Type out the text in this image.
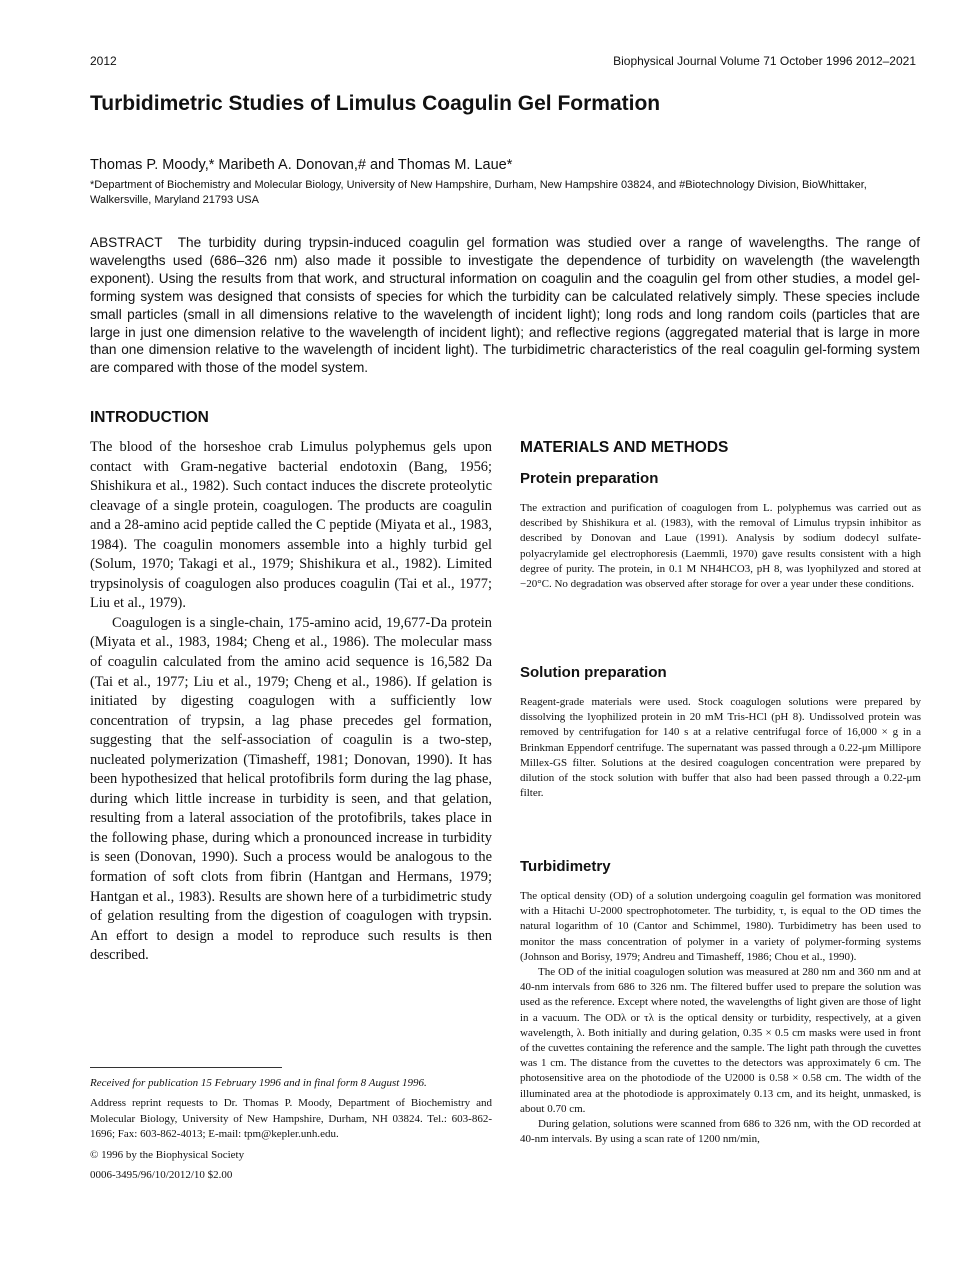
2012	Biophysical Journal Volume 71 October 1996 2012–2021
Turbidimetric Studies of Limulus Coagulin Gel Formation
Thomas P. Moody,* Maribeth A. Donovan,# and Thomas M. Laue*
*Department of Biochemistry and Molecular Biology, University of New Hampshire, Durham, New Hampshire 03824, and #Biotechnology Division, BioWhittaker, Walkersville, Maryland 21793 USA
ABSTRACT The turbidity during trypsin-induced coagulin gel formation was studied over a range of wavelengths. The range of wavelengths used (686–326 nm) also made it possible to investigate the dependence of turbidity on wavelength (the wavelength exponent). Using the results from that work, and structural information on coagulin and the coagulin gel from other studies, a model gel-forming system was designed that consists of species for which the turbidity can be calculated relatively simply. These species include small particles (small in all dimensions relative to the wavelength of incident light); long rods and long random coils (particles that are large in just one dimension relative to the wavelength of incident light); and reflective regions (aggregated material that is large in more than one dimension relative to the wavelength of incident light). The turbidimetric characteristics of the real coagulin gel-forming system are compared with those of the model system.
INTRODUCTION

The blood of the horseshoe crab Limulus polyphemus gels upon contact with Gram-negative bacterial endotoxin (Bang, 1956; Shishikura et al., 1982). Such contact induces the discrete proteolytic cleavage of a single protein, coagulogen. The products are coagulin and a 28-amino acid peptide called the C peptide (Miyata et al., 1983, 1984). The coagulin monomers assemble into a highly turbid gel (Solum, 1970; Takagi et al., 1979; Shishikura et al., 1982). Limited trypsinolysis of coagulogen also produces coagulin (Tai et al., 1977; Liu et al., 1979).

Coagulogen is a single-chain, 175-amino acid, 19,677-Da protein (Miyata et al., 1983, 1984; Cheng et al., 1986). The molecular mass of coagulin calculated from the amino acid sequence is 16,582 Da (Tai et al., 1977; Liu et al., 1979; Cheng et al., 1986). If gelation is initiated by digesting coagulogen with a sufficiently low concentration of trypsin, a lag phase precedes gel formation, suggesting that the self-association of coagulin is a two-step, nucleated polymerization (Timasheff, 1981; Donovan, 1990). It has been hypothesized that helical protofibrils form during the lag phase, during which little increase in turbidity is seen, and that gelation, resulting from a lateral association of the protofibrils, takes place in the following phase, during which a pronounced increase in turbidity is seen (Donovan, 1990). Such a process would be analogous to the formation of soft clots from fibrin (Hantgan and Hermans, 1979; Hantgan et al., 1983). Results are shown here of a turbidimetric study of gelation resulting from the digestion of coagulogen with trypsin. An effort to design a model to reproduce such results is then described.

Received for publication 15 February 1996 and in final form 8 August 1996.

Address reprint requests to Dr. Thomas P. Moody, Department of Biochemistry and Molecular Biology, University of New Hampshire, Durham, NH 03824. Tel.: 603-862-1696; Fax: 603-862-4013; E-mail: tpm@kepler.unh.edu.

© 1996 by the Biophysical Society

0006-3495/96/10/2012/10 $2.00

MATERIALS AND METHODS
Protein preparation

The extraction and purification of coagulogen from L. polyphemus was carried out as described by Shishikura et al. (1983), with the removal of Limulus trypsin inhibitor as described by Donovan and Laue (1991). Analysis by sodium dodecyl sulfate-polyacrylamide gel electrophoresis (Laemmli, 1970) gave results consistent with a high degree of purity. The protein, in 0.1 M NH4HCO3, pH 8, was lyophilyzed and stored at −20°C. No degradation was observed after storage for over a year under these conditions.

Solution preparation

Reagent-grade materials were used. Stock coagulogen solutions were prepared by dissolving the lyophilized protein in 20 mM Tris-HCl (pH 8). Undissolved protein was removed by centrifugation for 140 s at a relative centrifugal force of 16,000 × g in a Brinkman Eppendorf centrifuge. The supernatant was passed through a 0.22-μm Millipore Millex-GS filter. Solutions at the desired coagulogen concentration were prepared by dilution of the stock solution with buffer that also had been passed through a 0.22-μm filter.

Turbidimetry

The optical density (OD) of a solution undergoing coagulin gel formation was monitored with a Hitachi U-2000 spectrophotometer. The turbidity, τ, is equal to the OD times the natural logarithm of 10 (Cantor and Schimmel, 1980). Turbidimetry has been used to monitor the mass concentration of polymer in a variety of polymer-forming systems (Johnson and Borisy, 1979; Andreu and Timasheff, 1986; Chou et al., 1990).

The OD of the initial coagulogen solution was measured at 280 nm and 360 nm and at 40-nm intervals from 686 to 326 nm. The filtered buffer used to prepare the solution was used as the reference. Except where noted, the wavelengths of light given are those of light in a vacuum. The ODλ or τλ is the optical density or turbidity, respectively, at a given wavelength, λ. Both initially and during gelation, 0.35 × 0.5 cm masks were used in front of the cuvettes containing the reference and the sample. The light path through the cuvettes was 1 cm. The distance from the cuvettes to the detectors was approximately 6 cm. The photosensitive area on the photodiode of the U2000 is 0.58 × 0.58 cm. The width of the illuminated area at the photodiode is approximately 0.13 cm, and its height, unmasked, is about 0.70 cm.

During gelation, solutions were scanned from 686 to 326 nm, with the OD recorded at 40-nm intervals. By using a scan rate of 1200 nm/min,
